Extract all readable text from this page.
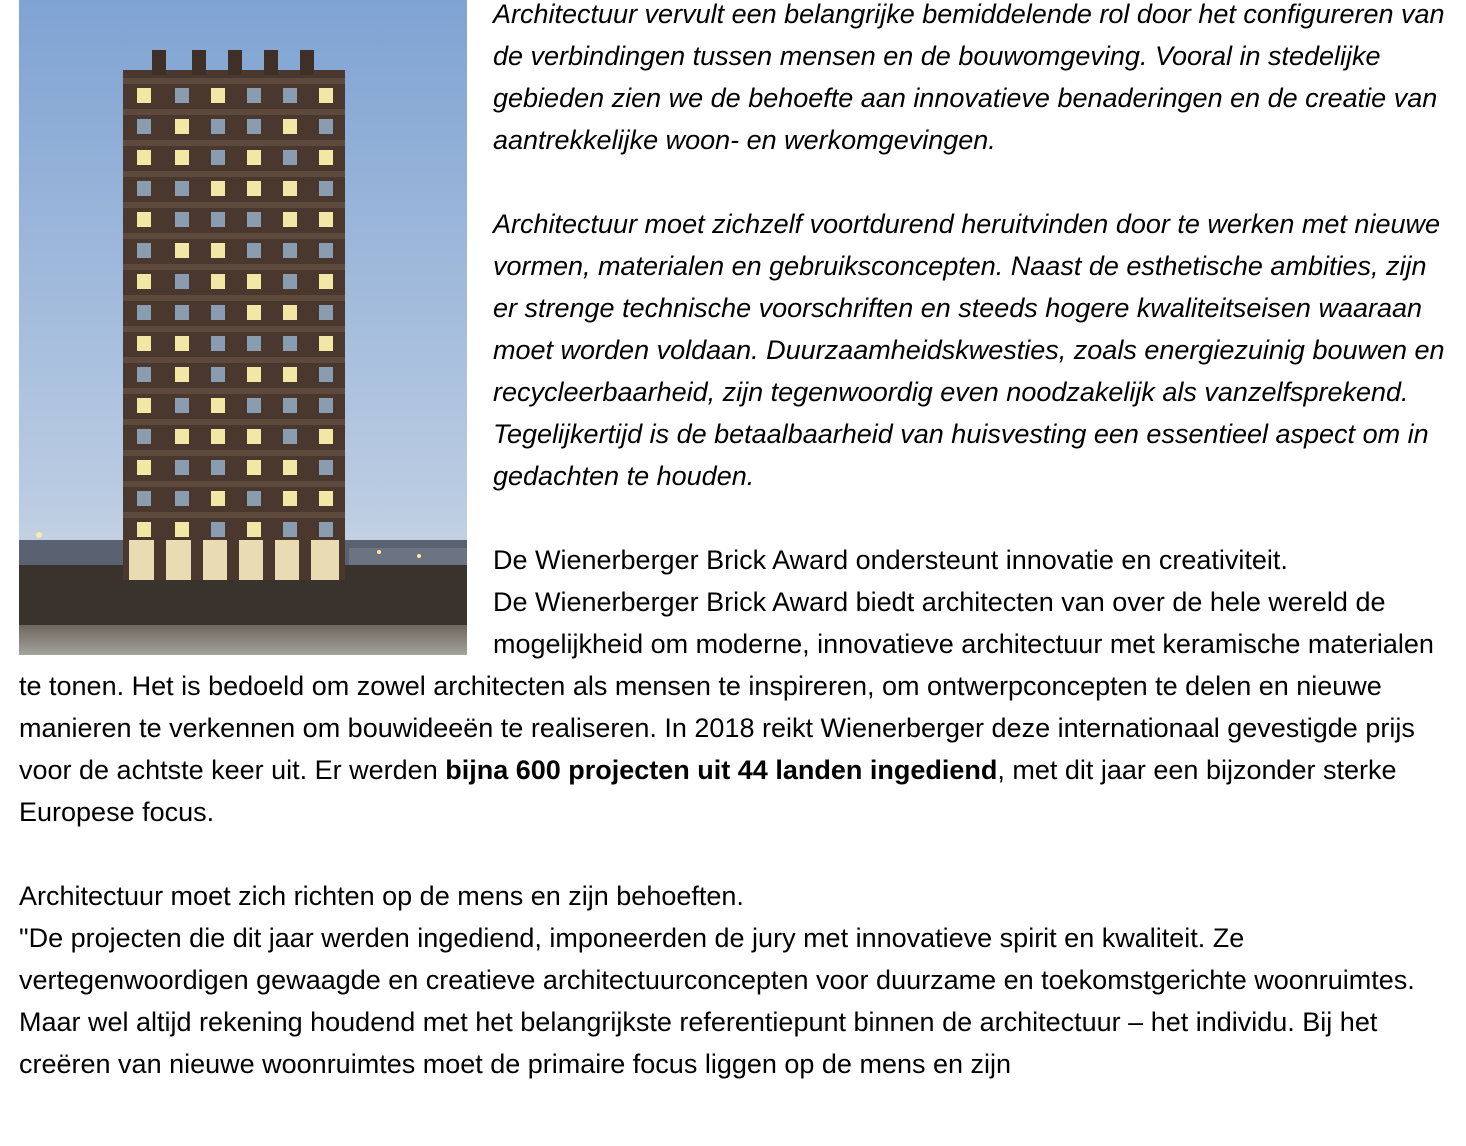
Architectuur vervult een belangrijke bemiddelende rol door het configureren van de verbindingen tussen mensen en de bouwomgeving. Vooral in stedelijke gebieden zien we de behoefte aan innovatieve benaderingen en de creatie van aantrekkelijke woon- en werkomgevingen.

Architectuur moet zichzelf voortdurend heruitvinden door te werken met nieuwe vormen, materialen en gebruiksconcepten. Naast de esthetische ambities, zijn er strenge technische voorschriften en steeds hogere kwaliteitseisen waaraan moet worden voldaan. Duurzaamheidskwesties, zoals energiezuinig bouwen en recycleerbaarheid, zijn tegenwoordig even noodzakelijk als vanzelfsprekend. Tegelijkertijd is de betaalbaarheid van huisvesting een essentieel aspect om in gedachten te houden.

De Wienerberger Brick Award ondersteunt innovatie en creativiteit.
De Wienerberger Brick Award biedt architecten van over de hele wereld de mogelijkheid om moderne, innovatieve architectuur met keramische materialen te tonen. Het is bedoeld om zowel architecten als mensen te inspireren, om ontwerpconcepten te delen en nieuwe manieren te verkennen om bouwideeën te realiseren. In 2018 reikt Wienerberger deze internationaal gevestigde prijs voor de achtste keer uit. Er werden bijna 600 projecten uit 44 landen ingediend, met dit jaar een bijzonder sterke Europese focus.

Architectuur moet zich richten op de mens en zijn behoeften.
"De projecten die dit jaar werden ingediend, imponeerden de jury met innovatieve spirit en kwaliteit. Ze vertegenwoordigen gewaagde en creatieve architectuurconcepten voor duurzame en toekomstgerichte woonruimtes. Maar wel altijd rekening houdend met het belangrijkste referentiepunt binnen de architectuur – het individu. Bij het creëren van nieuwe woonruimtes moet de primaire focus liggen op de mens en zijn
